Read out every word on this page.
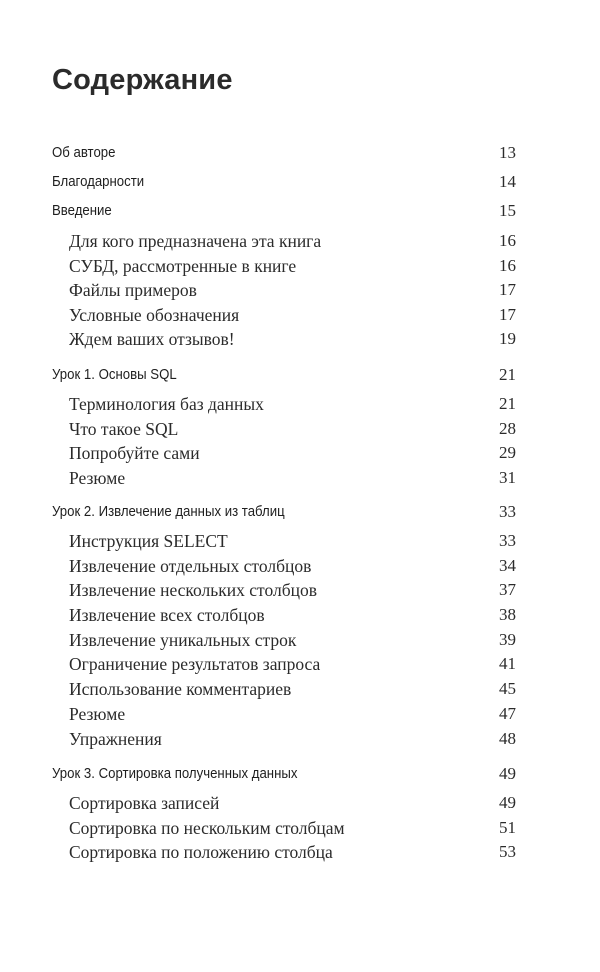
Содержание
Об авторе	13
Благодарности	14
Введение	15
Для кого предназначена эта книга	16
СУБД, рассмотренные в книге	16
Файлы примеров	17
Условные обозначения	17
Ждем ваших отзывов!	19
Урок 1. Основы SQL	21
Терминология баз данных	21
Что такое SQL	28
Попробуйте сами	29
Резюме	31
Урок 2. Извлечение данных из таблиц	33
Инструкция SELECT	33
Извлечение отдельных столбцов	34
Извлечение нескольких столбцов	37
Извлечение всех столбцов	38
Извлечение уникальных строк	39
Ограничение результатов запроса	41
Использование комментариев	45
Резюме	47
Упражнения	48
Урок 3. Сортировка полученных данных	49
Сортировка записей	49
Сортировка по нескольким столбцам	51
Сортировка по положению столбца	53
